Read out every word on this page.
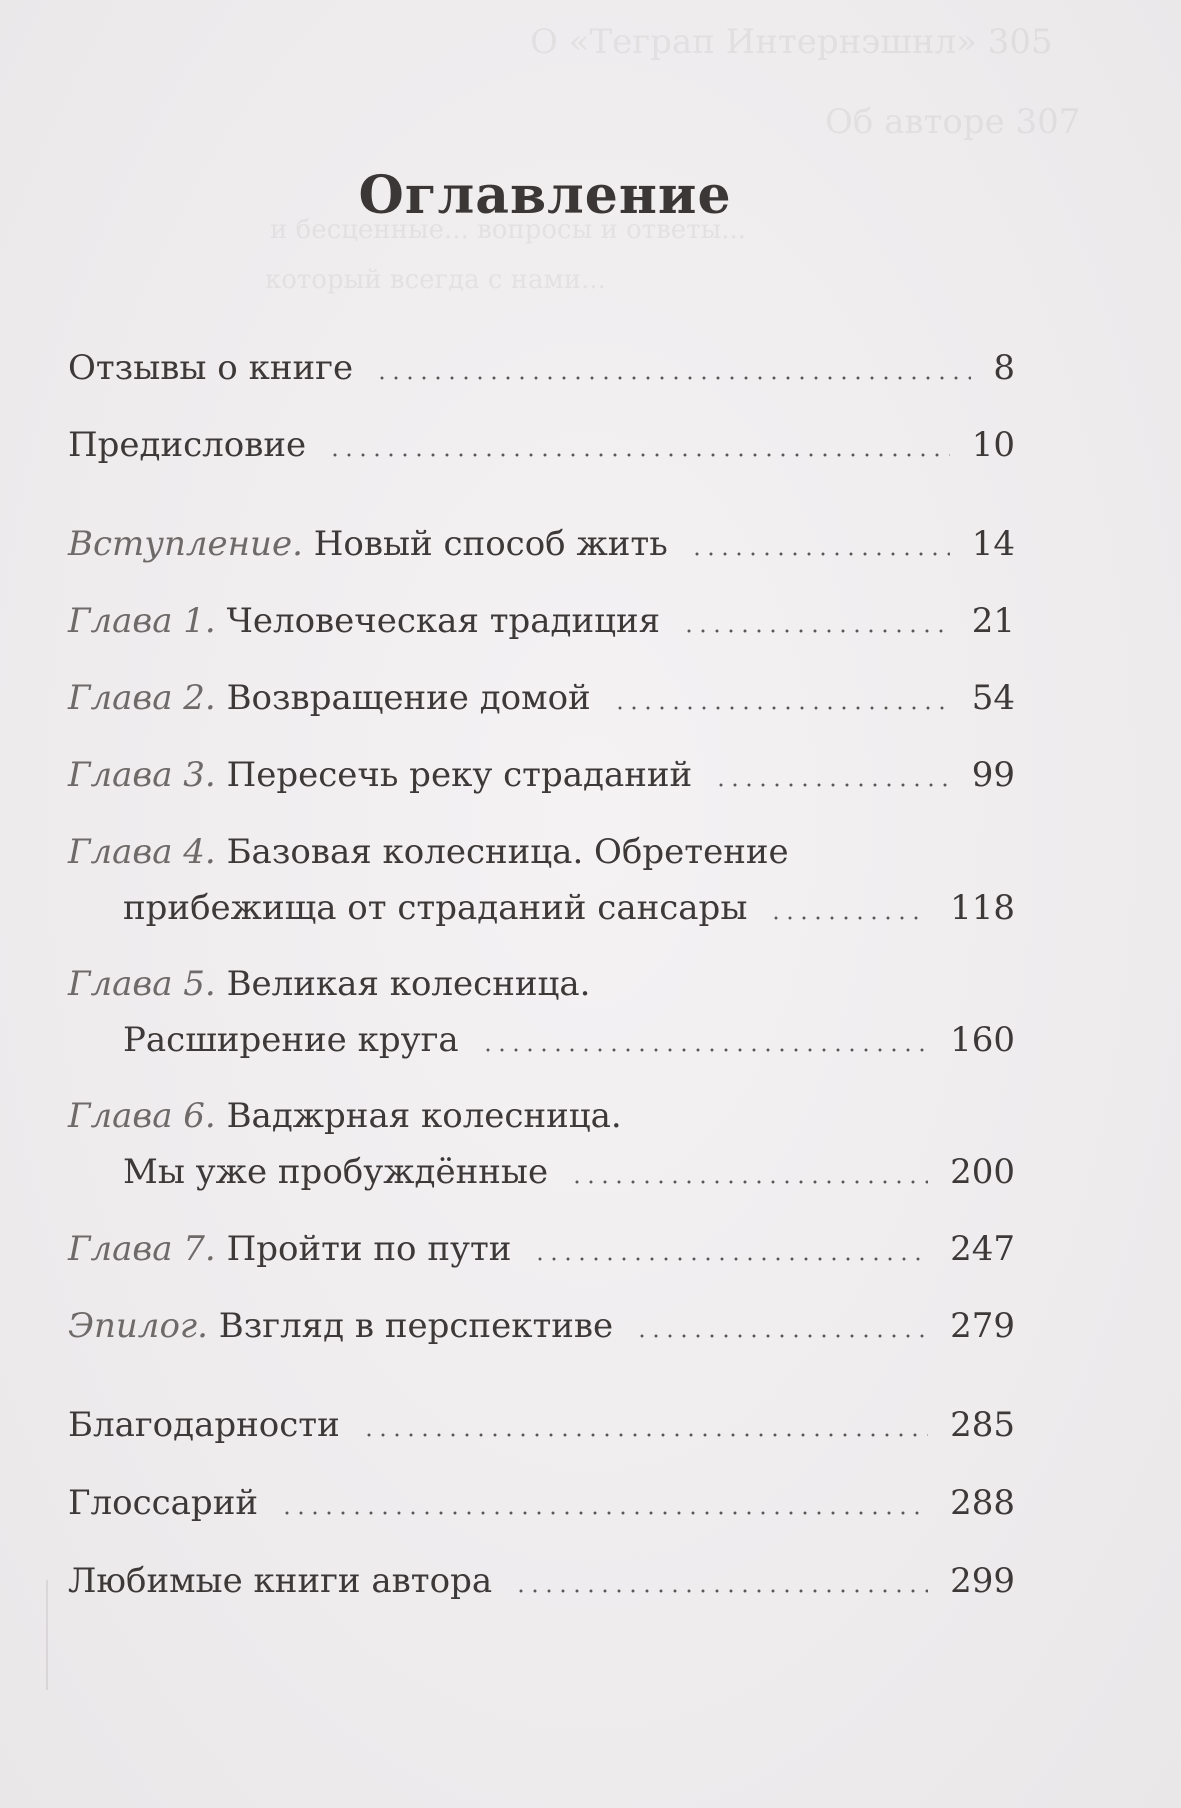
О «Теграп Интернэшнл» 305
Об авторе 307
и бесценные... вопросы и ответы...
который всегда с нами...
Оглавление
Отзывы о книге	8
Предисловие	10
Вступление. Новый способ жить	14
Глава 1. Человеческая традиция	21
Глава 2. Возвращение домой	54
Глава 3. Пересечь реку страданий	99
Глава 4. Базовая колесница. Обретение
прибежища от страданий сансары	118
Глава 5. Великая колесница.
Расширение круга	160
Глава 6. Ваджрная колесница.
Мы уже пробуждённые	200
Глава 7. Пройти по пути	247
Эпилог. Взгляд в перспективе	279
Благодарности	285
Глоссарий	288
Любимые книги автора	299
